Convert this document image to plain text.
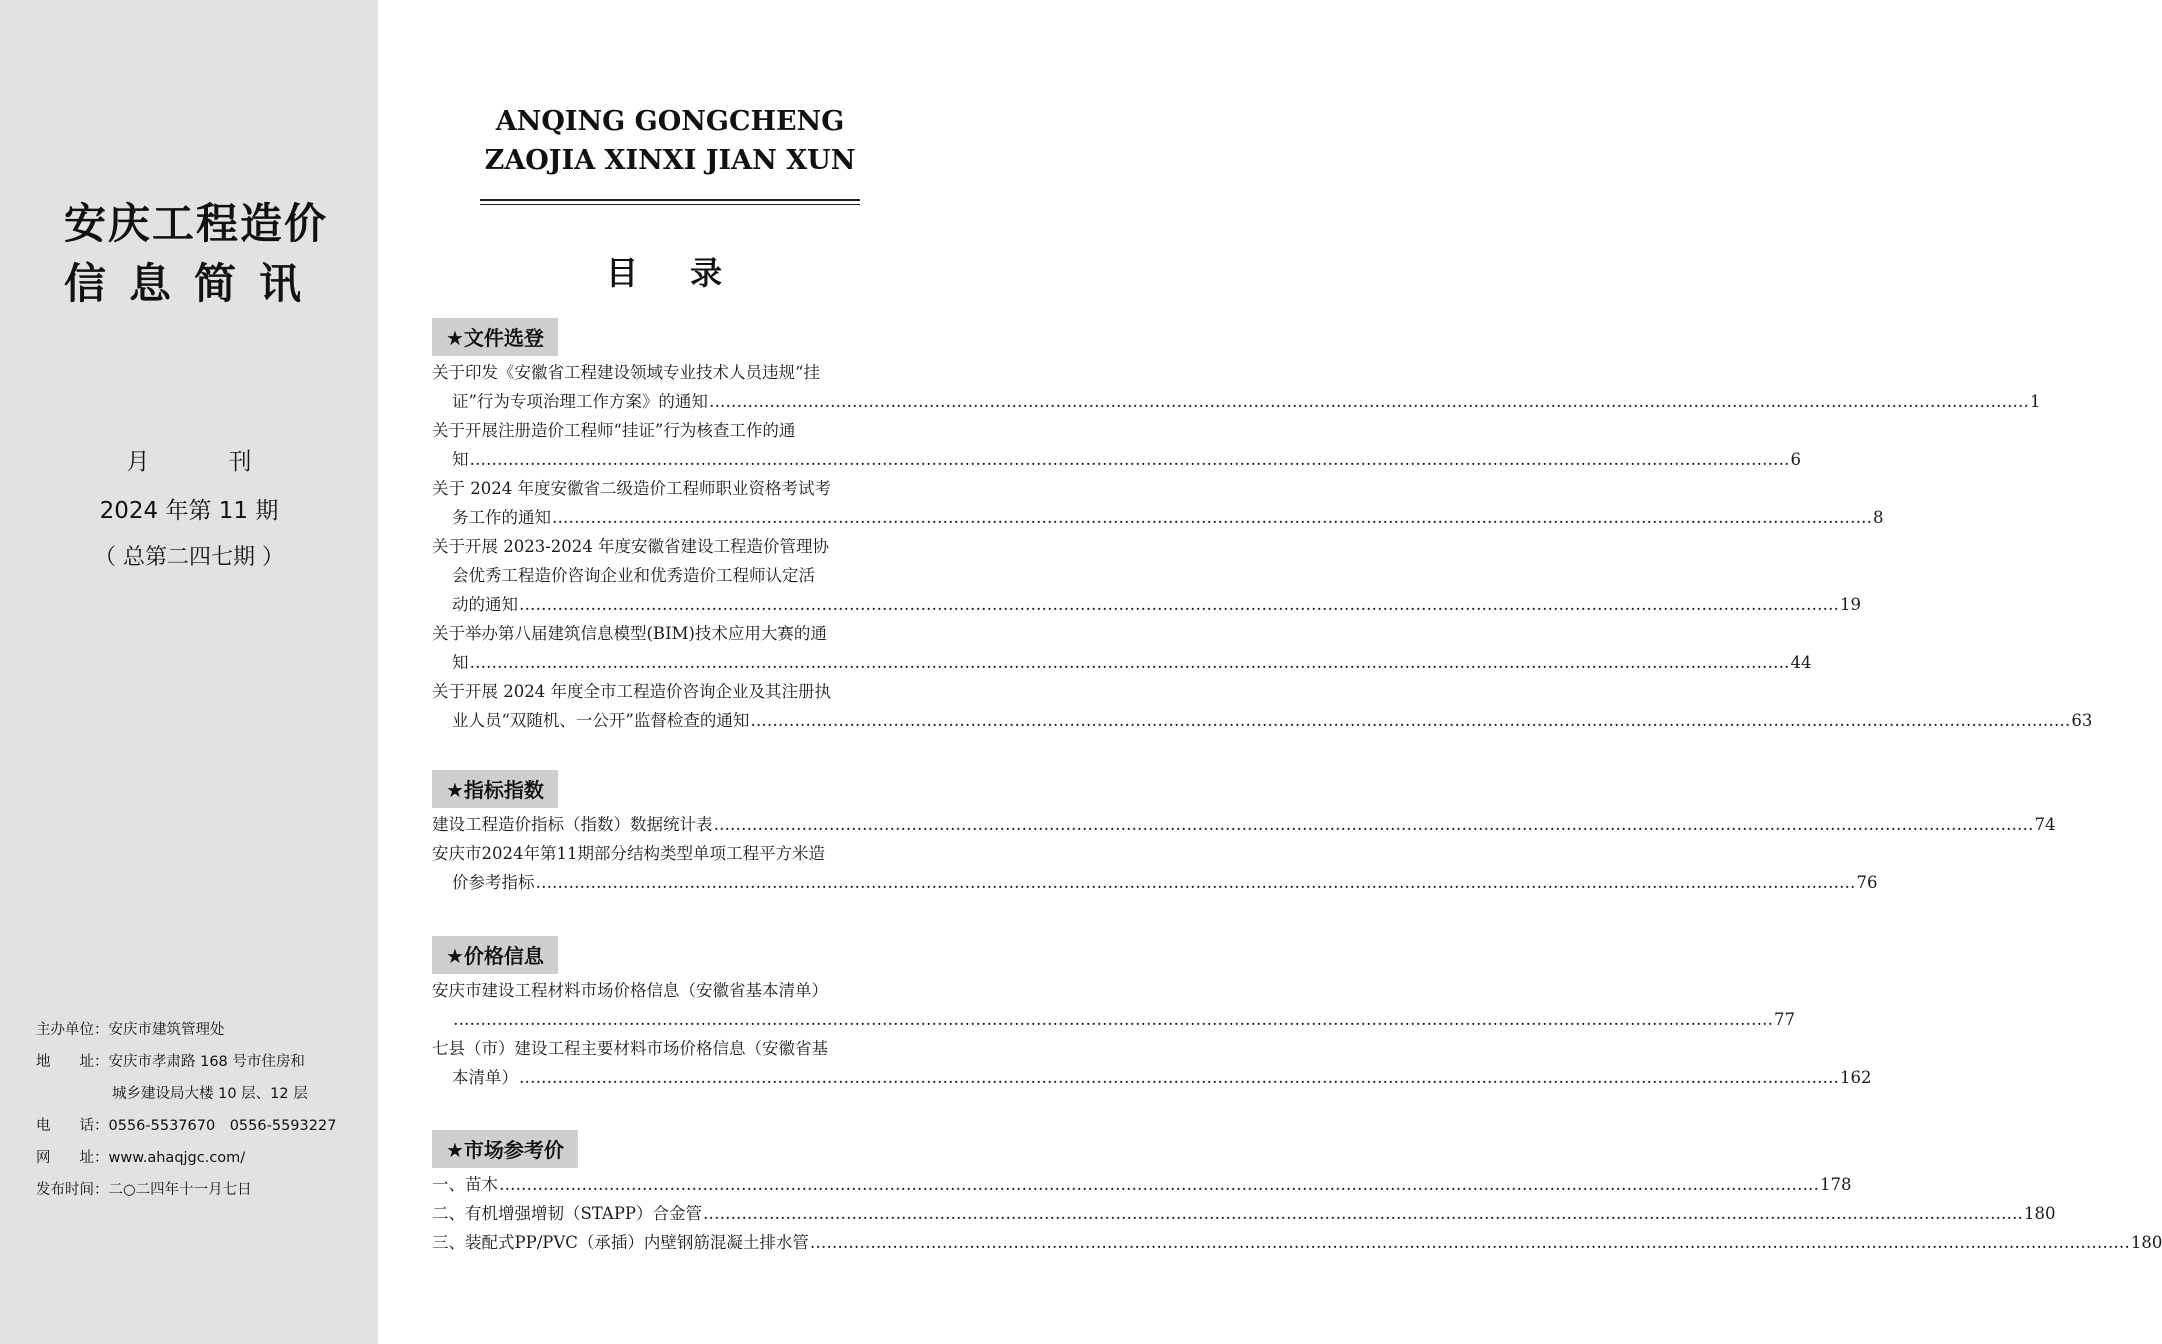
安庆工程造价
信息简讯
月　刊
2024 年第 11 期
（ 总第二四七期 ）
主办单位：安庆市建筑管理处
地　　址：安庆市孝肃路 168 号市住房和
城乡建设局大楼 10 层、12 层
电　　话：0556-5537670　0556-5593227
网　　址：www.ahaqjgc.com/
发布时间：二○二四年十一月七日
ANQING GONGCHENG
ZAOJIA XINXI JIAN XUN
目录
★文件选登
关于印发《安徽省工程建设领域专业技术人员违规“挂
证”行为专项治理工作方案》的通知 …………………………………………………………………………………………………………………………………………………………………………………………………………………… 1
关于开展注册造价工程师“挂证”行为核查工作的通
知 …………………………………………………………………………………………………………………………………………………………………………………………………………………… 6
关于 2024 年度安徽省二级造价工程师职业资格考试考
务工作的通知 …………………………………………………………………………………………………………………………………………………………………………………………………………………… 8
关于开展 2023-2024 年度安徽省建设工程造价管理协
会优秀工程造价咨询企业和优秀造价工程师认定活
动的通知 …………………………………………………………………………………………………………………………………………………………………………………………………………………… 19
关于举办第八届建筑信息模型(BIM)技术应用大赛的通
知 …………………………………………………………………………………………………………………………………………………………………………………………………………………… 44
关于开展 2024 年度全市工程造价咨询企业及其注册执
业人员“双随机、一公开”监督检查的通知 …………………………………………………………………………………………………………………………………………………………………………………………………………………… 63
★指标指数
建设工程造价指标（指数）数据统计表 …………………………………………………………………………………………………………………………………………………………………………………………………………………… 74
安庆市2024年第11期部分结构类型单项工程平方米造
价参考指标 …………………………………………………………………………………………………………………………………………………………………………………………………………………… 76
★价格信息
安庆市建设工程材料市场价格信息（安徽省基本清单）
…………………………………………………………………………………………………………………………………………………………………………………………………………………… 77
七县（市）建设工程主要材料市场价格信息（安徽省基
本清单） …………………………………………………………………………………………………………………………………………………………………………………………………………………… 162
★市场参考价
一、苗木 …………………………………………………………………………………………………………………………………………………………………………………………………………………… 178
二、有机增强增韧（STAPP）合金管 …………………………………………………………………………………………………………………………………………………………………………………………………………………… 180
三、装配式PP/PVC（承插）内壁钢筋混凝土排水管 …………………………………………………………………………………………………………………………………………………………………………………………………………………… 180
